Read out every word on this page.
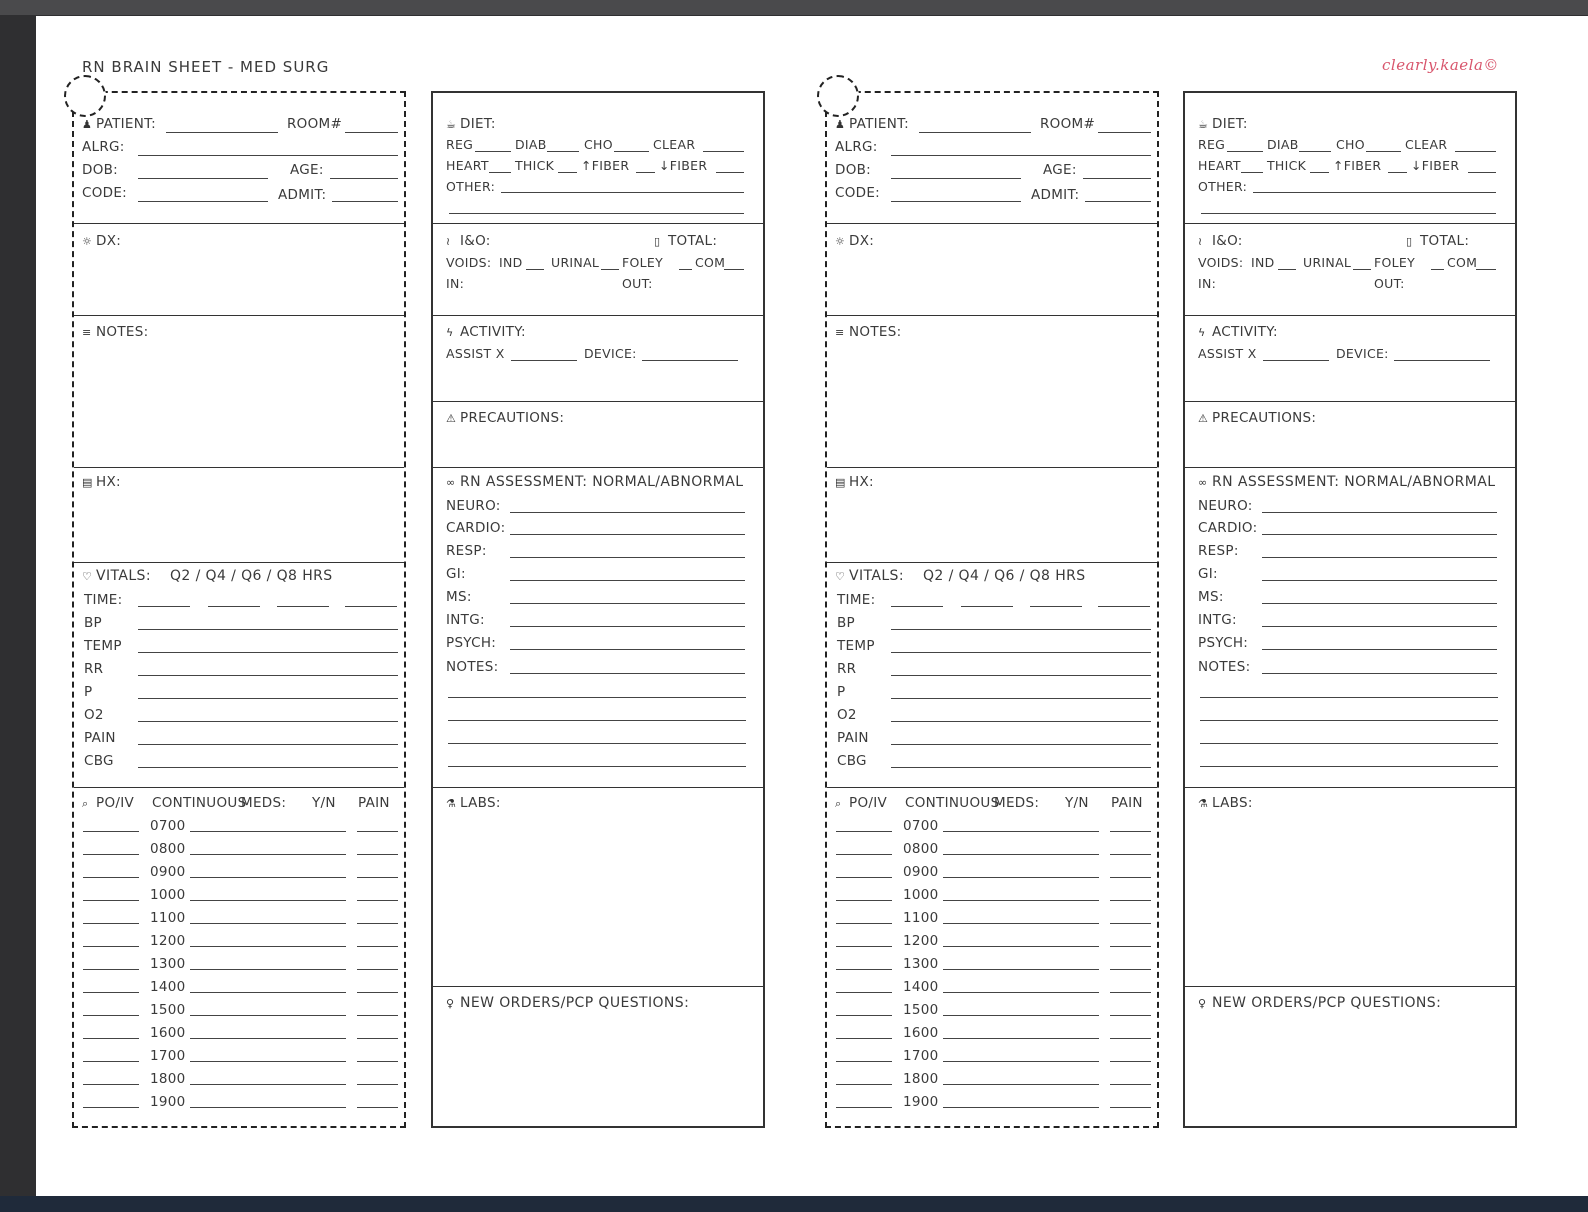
RN BRAIN SHEET - MED SURG	clearly.kaela©
♟ PATIENT:	ROOM#
ALRG:
DOB:	AGE:
CODE:	ADMIT:
☼ DX:
≡ NOTES:
▤ HX:
♡ VITALS: Q2 / Q4 / Q6 / Q8 HRS
TIME:
BP
TEMP
RR
P
O2
PAIN
CBG
⌕ PO/IV CONTINUOUS
MEDS: Y/N PAIN
0700
0800
0900
1000
1100
1200
1300
1400
1500
1600
1700
1800
1900
☕ DIET:
REG	DIAB	CHO	CLEAR
HEART THICK ↑FIBER ↓FIBER
OTHER:
≀ I&O:	▯ TOTAL:
VOIDS: IND URINAL FOLEY	COM
IN:	OUT:
ϟ ACTIVITY:
ASSIST X	DEVICE:
⚠ PRECAUTIONS:
∞ RN ASSESSMENT: NORMAL/ABNORMAL
NEURO:
CARDIO:
RESP:
GI:
MS:
INTG:
PSYCH:
NOTES:
⚗ LABS:
♀ NEW ORDERS/PCP QUESTIONS:
♟ PATIENT:	ROOM#
ALRG:
DOB:	AGE:
CODE:	ADMIT:
☼ DX:
≡ NOTES:
▤ HX:
♡ VITALS: Q2 / Q4 / Q6 / Q8 HRS
TIME:
BP
TEMP
RR
P
O2
PAIN
CBG
⌕ PO/IV CONTINUOUS
MEDS: Y/N PAIN
0700
0800
0900
1000
1100
1200
1300
1400
1500
1600
1700
1800
1900
☕ DIET:
REG	DIAB	CHO	CLEAR
HEART THICK ↑FIBER ↓FIBER
OTHER:
≀ I&O:	▯ TOTAL:
VOIDS: IND URINAL FOLEY	COM
IN:	OUT:
ϟ ACTIVITY:
ASSIST X	DEVICE:
⚠ PRECAUTIONS:
∞ RN ASSESSMENT: NORMAL/ABNORMAL
NEURO:
CARDIO:
RESP:
GI:
MS:
INTG:
PSYCH:
NOTES:
⚗ LABS:
♀ NEW ORDERS/PCP QUESTIONS:
